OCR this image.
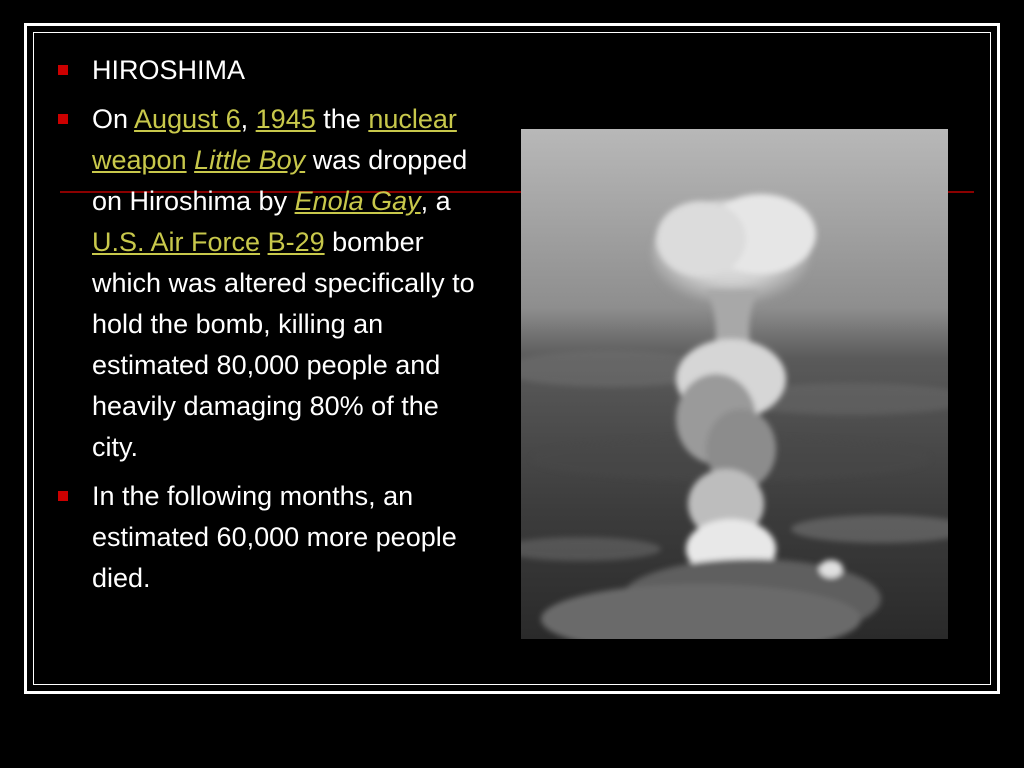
HIROSHIMA
On August 6, 1945 the nuclear weapon Little Boy was dropped on Hiroshima by Enola Gay, a U.S. Air Force B-29 bomber which was altered specifically to hold the bomb, killing an estimated 80,000 people and heavily damaging 80% of the city.
In the following months, an estimated 60,000 more people died.
